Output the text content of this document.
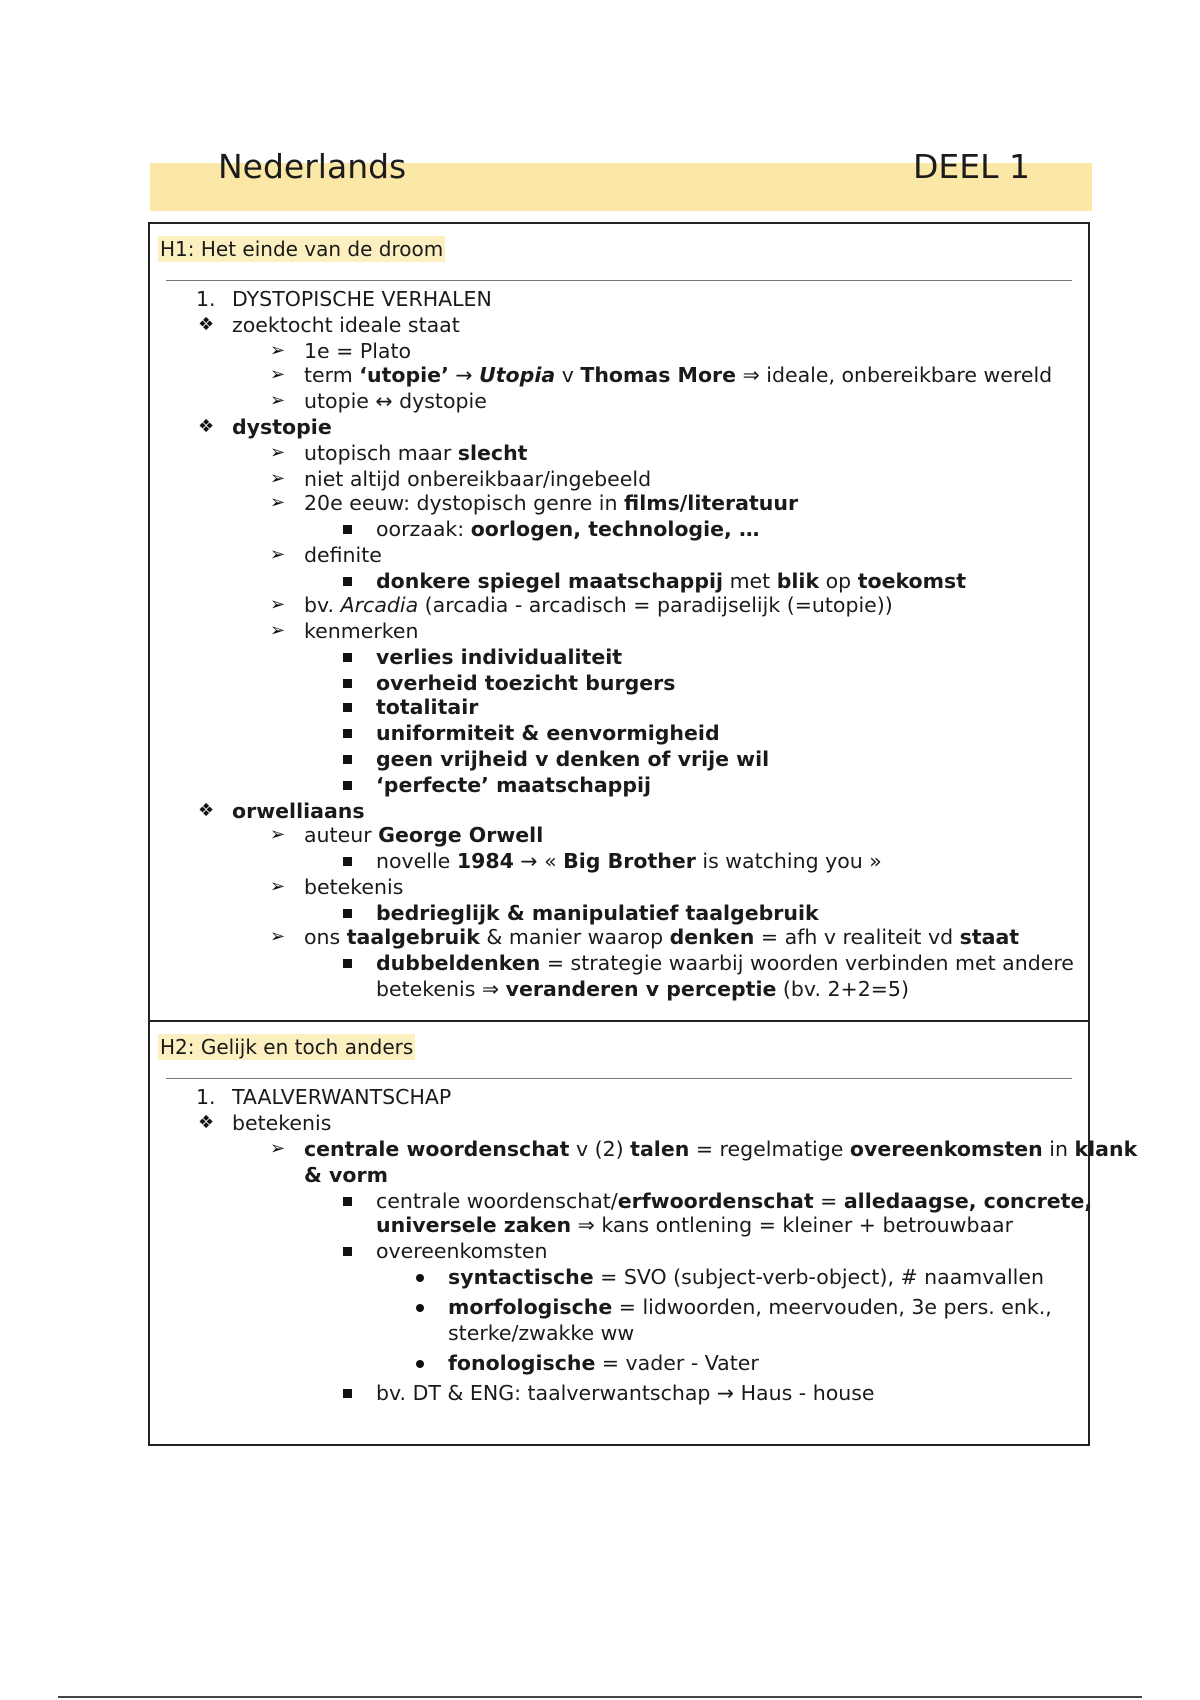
Nederlands	DEEL 1
H1: Het einde van de droom
1. DYSTOPISCHE VERHALEN
❖ zoektocht ideale staat
➢ 1e = Plato
➢ term ‘utopie’ → Utopia v Thomas More ⇒ ideale, onbereikbare wereld
➢ utopie ↔ dystopie
❖ dystopie
➢ utopisch maar slecht
➢ niet altijd onbereikbaar/ingebeeld
➢ 20e eeuw: dystopisch genre in films/literatuur
oorzaak: oorlogen, technologie, …
➢ definite
donkere spiegel maatschappij met blik op toekomst
➢ bv. Arcadia (arcadia - arcadisch = paradijselijk (=utopie))
➢ kenmerken
verlies individualiteit
overheid toezicht burgers
totalitair
uniformiteit & eenvormigheid
geen vrijheid v denken of vrije wil
‘perfecte’ maatschappij
❖ orwelliaans
➢ auteur George Orwell
novelle 1984 → « Big Brother is watching you »
➢ betekenis
bedrieglijk & manipulatief taalgebruik
➢ ons taalgebruik & manier waarop denken = afh v realiteit vd staat
dubbeldenken = strategie waarbij woorden verbinden met andere
betekenis ⇒ veranderen v perceptie (bv. 2+2=5)
H2: Gelijk en toch anders
1. TAALVERWANTSCHAP
❖ betekenis
➢ centrale woordenschat v (2) talen = regelmatige overeenkomsten in klank
& vorm
centrale woordenschat/erfwoordenschat = alledaagse, concrete,
universele zaken ⇒ kans ontlening = kleiner + betrouwbaar
overeenkomsten
syntactische = SVO (subject-verb-object), # naamvallen
morfologische = lidwoorden, meervouden, 3e pers. enk.,
sterke/zwakke ww
fonologische = vader - Vater
bv. DT & ENG: taalverwantschap → Haus - house
